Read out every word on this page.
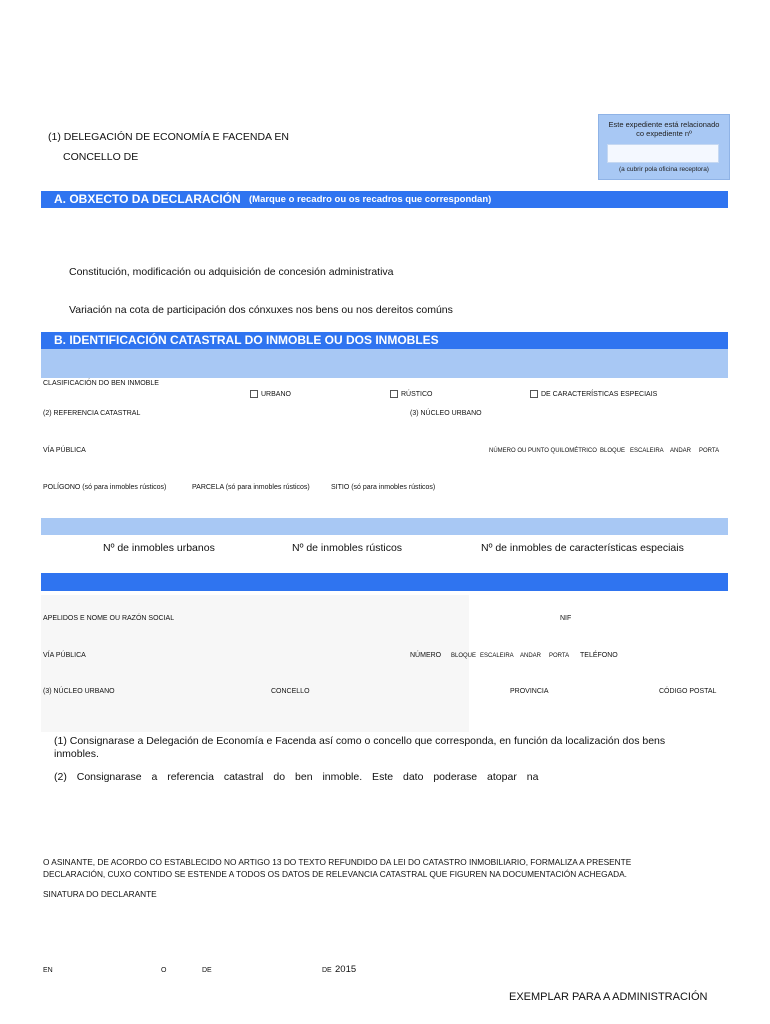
(1) DELEGACIÓN DE ECONOMÍA E FACENDA EN
CONCELLO DE
Este expediente está relacionado
co expediente nº
(a cubrir pola oficina receptora)
A. OBXECTO DA DECLARACIÓN (Marque o recadro ou os recadros que correspondan)
Constitución, modificación ou adquisición de concesión administrativa
Variación na cota de participación dos cónxuxes nos bens ou nos dereitos comúns
B. IDENTIFICACIÓN CATASTRAL DO INMOBLE OU DOS INMOBLES
CLASIFICACIÓN DO BEN INMOBLE
URBANO	RÚSTICO	DE CARACTERÍSTICAS ESPECIAIS
(2) REFERENCIA CATASTRAL	(3) NÚCLEO URBANO
VÍA PÚBLICA	NÚMERO OU PUNTO QUILOMÉTRICO BLOQUE ESCALEIRA ANDAR PORTA
POLÍGONO (só para inmobles rústicos)	PARCELA (só para inmobles rústicos)	SITIO (só para inmobles rústicos)
Nº de inmobles urbanos	Nº de inmobles rústicos	Nº de inmobles de características especiais
APELIDOS E NOME OU RAZÓN SOCIAL	NIF
VÍA PÚBLICA	NÚMERO BLOQUE ESCALEIRA ANDAR PORTA TELÉFONO
(3) NÚCLEO URBANO	CONCELLO	PROVINCIA	CÓDIGO POSTAL
(1) Consignarase a Delegación de Economía e Facenda así como o concello que corresponda, en función da localización dos bens
inmobles.
(2) Consignarase a referencia catastral do ben inmoble. Este dato poderase atopar na
O ASINANTE, DE ACORDO CO ESTABLECIDO NO ARTIGO 13 DO TEXTO REFUNDIDO DA LEI DO CATASTRO INMOBILIARIO, FORMALIZA A PRESENTE
DECLARACIÓN, CUXO CONTIDO SE ESTENDE A TODOS OS DATOS DE RELEVANCIA CATASTRAL QUE FIGUREN NA DOCUMENTACIÓN ACHEGADA.
SINATURA DO DECLARANTE
EN	O	DE	DE 2015
EXEMPLAR PARA A ADMINISTRACIÓN
